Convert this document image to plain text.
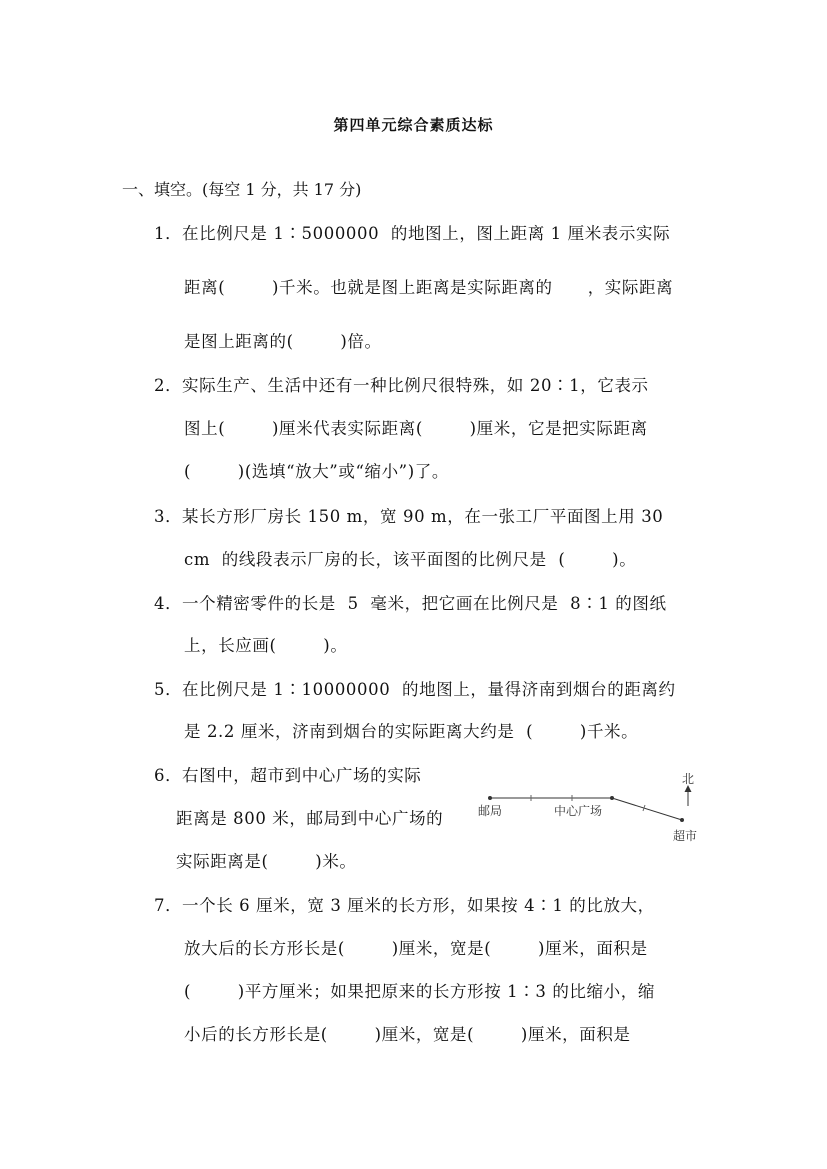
第四单元综合素质达标
一、填空。(每空 1 分，共 17 分)
1．在比例尺是 1∶5000000  的地图上，图上距离 1 厘米表示实际
距离(        )千米。也就是图上距离是实际距离的      ，实际距离
是图上距离的(        )倍。
2．实际生产、生活中还有一种比例尺很特殊，如 20∶1，它表示
图上(        )厘米代表实际距离(        )厘米，它是把实际距离
(        )(选填“放大”或“缩小”)了。
3．某长方形厂房长 150 m，宽 90 m，在一张工厂平面图上用 30
cm  的线段表示厂房的长，该平面图的比例尺是  (        )。
4．一个精密零件的长是  5  毫米，把它画在比例尺是  8∶1 的图纸
上，长应画(        )。
5．在比例尺是 1∶10000000  的地图上，量得济南到烟台的距离约
是 2.2 厘米，济南到烟台的实际距离大约是  (        )千米。
6．右图中，超市到中心广场的实际
距离是 800 米，邮局到中心广场的
实际距离是(        )米。
北
邮局	中心广场
超市
7．一个长 6 厘米，宽 3 厘米的长方形，如果按 4∶1 的比放大，
放大后的长方形长是(        )厘米，宽是(        )厘米，面积是
(        )平方厘米；如果把原来的长方形按 1∶3 的比缩小，缩
小后的长方形长是(        )厘米，宽是(        )厘米，面积是
